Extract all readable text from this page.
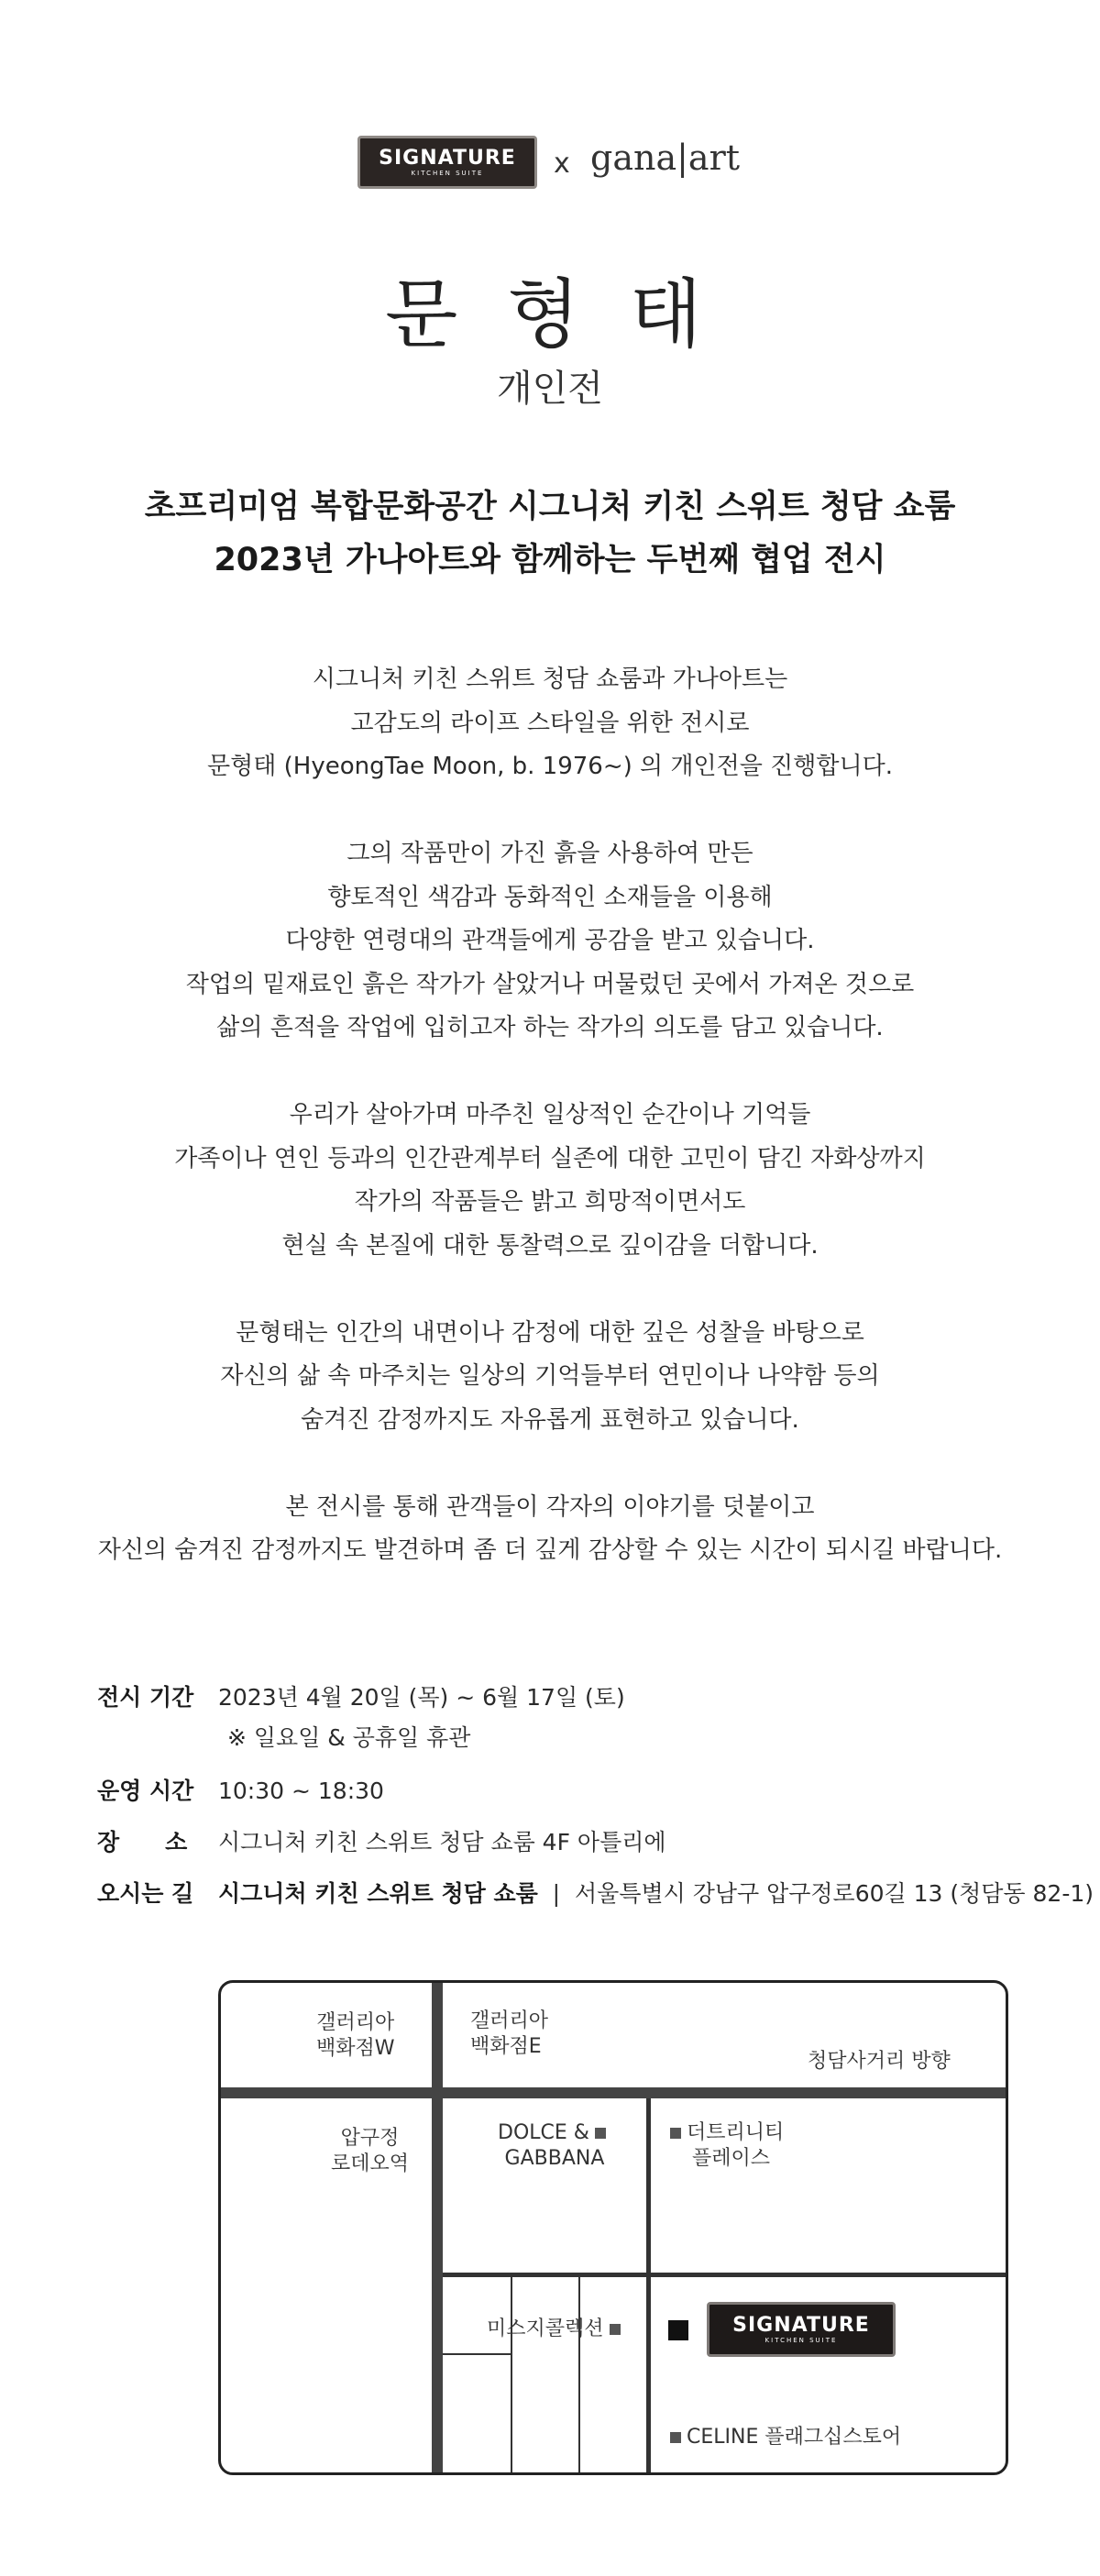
SIGNATURE
KITCHEN SUITE	x gana|art
문 형 태
개인전
초프리미엄 복합문화공간 시그니처 키친 스위트 청담 쇼룸
2023년 가나아트와 함께하는 두번째 협업 전시
시그니처 키친 스위트 청담 쇼룸과 가나아트는
고감도의 라이프 스타일을 위한 전시로
문형태 (HyeongTae Moon, b. 1976~) 의 개인전을 진행합니다.
그의 작품만이 가진 흙을 사용하여 만든
향토적인 색감과 동화적인 소재들을 이용해
다양한 연령대의 관객들에게 공감을 받고 있습니다.
작업의 밑재료인 흙은 작가가 살았거나 머물렀던 곳에서 가져온 것으로
삶의 흔적을 작업에 입히고자 하는 작가의 의도를 담고 있습니다.
우리가 살아가며 마주친 일상적인 순간이나 기억들
가족이나 연인 등과의 인간관계부터 실존에 대한 고민이 담긴 자화상까지
작가의 작품들은 밝고 희망적이면서도
현실 속 본질에 대한 통찰력으로 깊이감을 더합니다.
문형태는 인간의 내면이나 감정에 대한 깊은 성찰을 바탕으로
자신의 삶 속 마주치는 일상의 기억들부터 연민이나 나약함 등의
숨겨진 감정까지도 자유롭게 표현하고 있습니다.
본 전시를 통해 관객들이 각자의 이야기를 덧붙이고
자신의 숨겨진 감정까지도 발견하며 좀 더 깊게 감상할 수 있는 시간이 되시길 바랍니다.
전시 기간 2023년 4월 20일 (목) ~ 6월 17일 (토)
※ 일요일 & 공휴일 휴관
운영 시간 10:30 ~ 18:30
장　　소 시그니처 키친 스위트 청담 쇼룸 4F 아틀리에
오시는 길 시그니처 키친 스위트 청담 쇼룸 | 서울특별시 강남구 압구정로60길 13 (청담동 82-1)
갤러리아
백화점W
갤러리아
백화점E
청담사거리 방향
압구정
로데오역
DOLCE &
GABBANA
더트리니티
플레이스
미스지콜렉션	SIGNATURE
KITCHEN SUITE
CELINE 플래그십스토어
